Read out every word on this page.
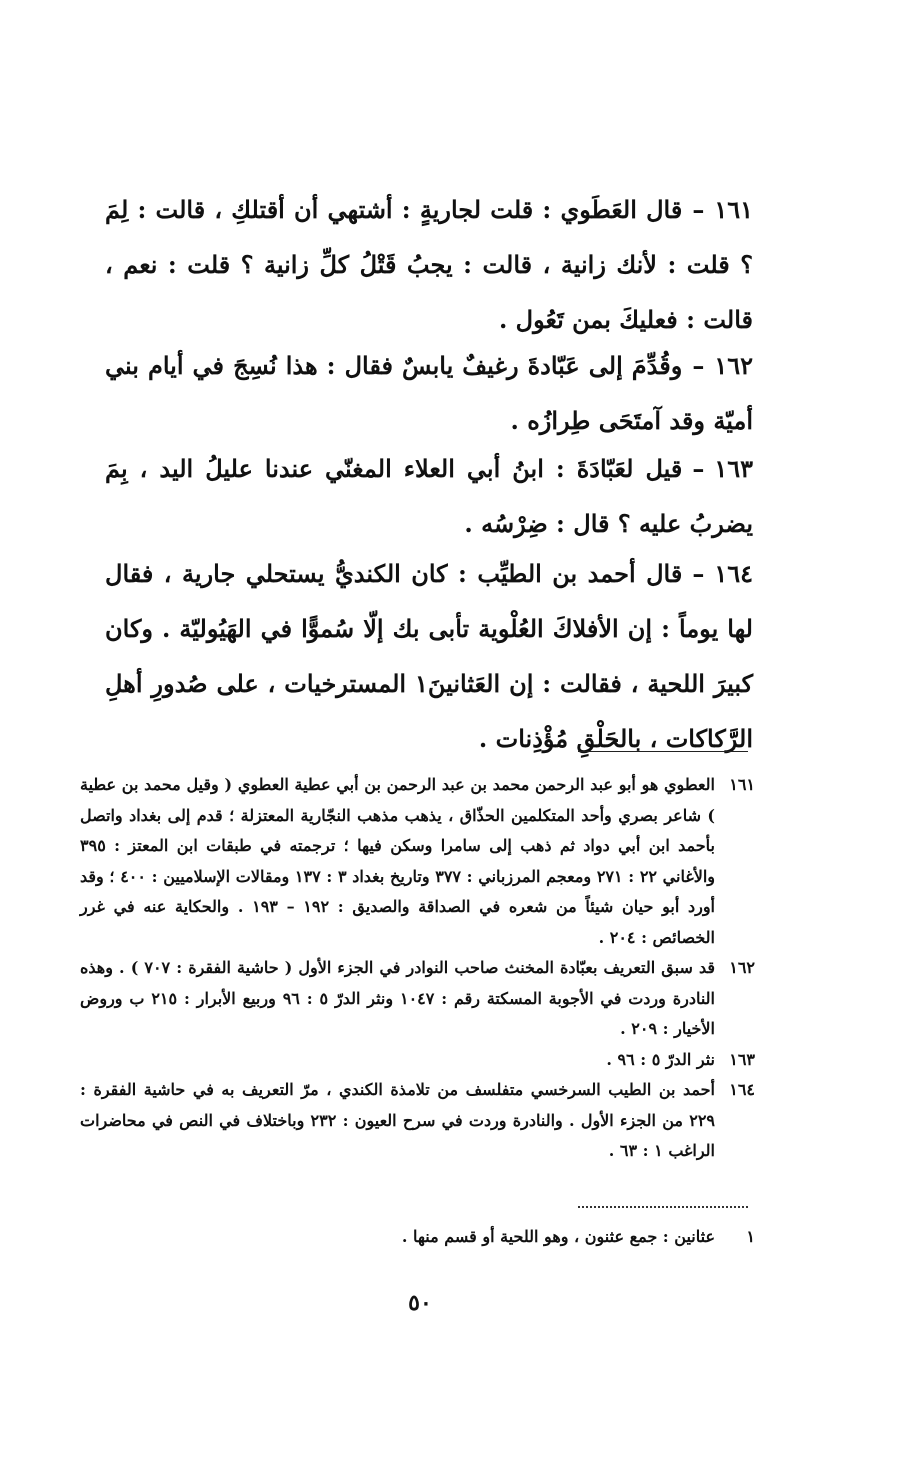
١٦١–قال العَطَوي : قلت لجاريةٍ : أشتهي أن أقتلكِ ، قالت : لِمَ ؟ قلت : لأنك زانية ، قالت : يجبُ قَتْلُ كلِّ زانية ؟ قلت : نعم ، قالت : فعليكَ بمن تَعُول .

١٦٢–وقُدِّمَ إلى عَبّادةَ رغيفٌ يابسٌ فقال : هذا نُسِجَ في أيام بني أميّة وقد آمتَحَى طِرازُه .

١٦٣–قيل لعَبّادَةَ : ابنُ أبي العلاء المغنّي عندنا عليلُ اليد ، بِمَ يضربُ عليه ؟ قال : ضِرْسُه .

١٦٤–قال أحمد بن الطيِّب : كان الكنديُّ يستحلي جارية ، فقال لها يوماً : إن الأفلاكَ العُلْوية تأبى بك إلّا سُموًّا في الهَيُوليّة . وكان كبيرَ اللحية ، فقالت : إن العَثانينَ١ المسترخيات ، على صُدورِ أهلِ الرَّكاكات ، بالحَلْقِ مُؤْذِنات .

١٦١
العطوي هو أبو عبد الرحمن محمد بن عبد الرحمن بن أبي عطية العطوي ( وقيل محمد بن عطية ) شاعر بصري وأحد المتكلمين الحذّاق ، يذهب مذهب النجّارية المعتزلة ؛ قدم إلى بغداد واتصل بأحمد ابن أبي دواد ثم ذهب إلى سامرا وسكن فيها ؛ ترجمته في طبقات ابن المعتز : ٣٩٥ والأغاني ٢٢ : ٢٧١ ومعجم المرزباني : ٣٧٧ وتاريخ بغداد ٣ : ١٣٧ ومقالات الإسلاميين : ٤٠٠ ؛ وقد أورد أبو حيان شيئاً من شعره في الصداقة والصديق : ١٩٢ – ١٩٣ . والحكاية عنه في غرر الخصائص : ٢٠٤ .
١٦٢
قد سبق التعريف بعبّادة المخنث صاحب النوادر في الجزء الأول ( حاشية الفقرة : ٧٠٧ ) . وهذه النادرة وردت في الأجوبة المسكتة رقم : ١٠٤٧ ونثر الدرّ ٥ : ٩٦ وربيع الأبرار : ٢١٥ ب وروض الأخيار : ٢٠٩ .
١٦٣
نثر الدرّ ٥ : ٩٦ .
١٦٤
أحمد بن الطيب السرخسي متفلسف من تلامذة الكندي ، مرّ التعريف به في حاشية الفقرة : ٢٢٩ من الجزء الأول . والنادرة وردت في سرح العيون : ٢٣٢ وباختلاف في النص في محاضرات الراغب ١ : ٦٣ .
١
عثانين : جمع عثنون ، وهو اللحية أو قسم منها .
٥٠
